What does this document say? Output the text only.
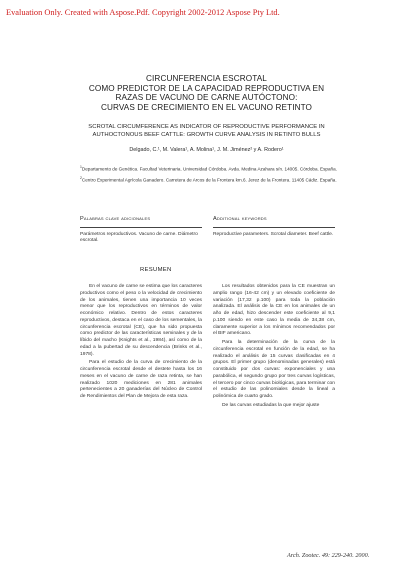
Evaluation Only. Created with Aspose.Pdf. Copyright 2002-2012 Aspose Pty Ltd.
CIRCUNFERENCIA ESCROTAL
COMO PREDICTOR DE LA CAPACIDAD REPRODUCTIVA EN
RAZAS DE VACUNO DE CARNE AUTÓCTONO:
CURVAS DE CRECIMIENTO EN EL VACUNO RETINTO
SCROTAL CIRCUMFERENCE AS INDICATOR OF REPRODUCTIVE PERFORMANCE IN
AUTHOCTONOUS BEEF CATTLE: GROWTH CURVE ANALYSIS IN RETINTO BULLS
Delgado, C.¹, M. Valera¹, A. Molina¹, J. M. Jiménez² y A. Rodero¹

$^1$Departamento de Genética. Facultad Veterinaria. Universidad Córdoba. Avda. Medina Azahara s/n. 14005. Córdoba. España.

$^2$Centro Experimental Agrícola Ganadero. Carretera de Arcos de la Frontera km.6. Jerez de la Frontera. 11405 Cádiz. España.

Palabras clave adicionales
Parámetros reproductivos. Vacuno de carne. Diámetro escrotal.
Additional keywords
Reproductive parameters. Scrotal diameter. Beef cattle.
RESUMEN

En el vacuno de carne se estima que los caracteres productivos como el peso o la velocidad de crecimiento de los animales, tienen una importancia 10 veces menor que los reproductivos en términos de valor económico relativo. Dentro de estos caracteres reproductivos, destaca en el caso de los sementales, la circunferencia escrotal (CE), que ha sido propuesta como predictor de las características seminales y de la líbido del macho (Knights et al., 1984), así como de la edad a la pubertad de su descendencia (Brinks et al., 1978).

Para el estudio de la curva de crecimiento de la circunferencia escrotal desde el destete hasta los 16 meses en el vacuno de carne de raza retinta, se han realizado 1020 mediciones en 281 animales pertenecientes a 20 ganaderías del Núcleo de Control de Rendimientos del Plan de Mejora de esta raza.

Los resultados obtenidos para la CE muestran un amplio rango (16-42 cm) y un elevado coeficiente de variación (17,32 p.100) para toda la población analizada. El análisis de la CE en los animales de un año de edad, hizo descender este coeficiente al 9,1 p.100 siendo en este caso la media de 34,38 cm, claramente superior a los mínimos recomendados por el BIF americano.

Para la determinación de la curva de la circunferencia escrotal en función de la edad, se ha realizado el análisis de 15 curvas clasificadas en 4 grupos. El primer grupo (denominadas generales) está constituido por dos curvas: exponenciales y una parabólica, el segundo grupo por tres curvas logísticas, el tercero por cinco curvas biológicas, para terminar con el estudio de las polinomiales desde la lineal a polinómica de cuarto grado.

De las curvas estudiadas la que mejor ajuste

Arch. Zootec. 49: 229-240. 2000.
